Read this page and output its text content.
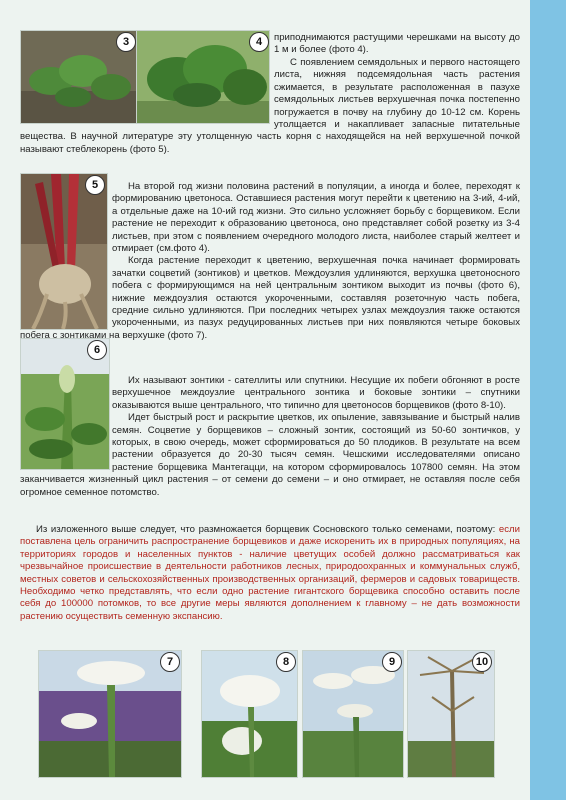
3	4
5
6

приподнимаются растущими черешками на высоту до 1 м и более (фото 4).

С появлением семядольных и первого настоящего листа, нижняя подсемядольная часть растения сжимается, в результате расположенная в пазухе семядольных листьев верхушечная почка постепенно погружается в почву на глубину до 10-12 см. Корень утолщается и накапливает запасные питательные вещества. В научной литературе эту утолщенную часть корня с находящейся на ней верхушечной почкой называют стеблекорень (фото 5).
На второй год жизни половина растений в популяции, а иногда и более, переходят к формированию цветоноса. Оставшиеся растения могут перейти к цветению на 3-ий, 4-ий, а отдельные даже на 10-ий год жизни. Это сильно усложняет борьбу с борщевиком. Если растение не переходит к образованию цветоноса, оно представляет собой розетку из 3-4 листьев, при этом с появлением очередного молодого листа, наиболее старый желтеет и отмирает (см.фото 4).
Когда растение переходит к цветению, верхушечная почка начинает формировать зачатки соцветий (зонтиков) и цветков. Междоузлия удлиняются, верхушка цветоносного побега с формирующимся на ней центральным зонтиком выходит из почвы (фото 6), нижние междоузлия остаются укороченными, составляя розеточную часть побега, средние сильно удлиняются. При последних четырех узлах междоузлия также остаются укороченными, из пазух редуцированных листьев при них появляются четыре боковых побега с зонтиками на верхушке (фото 7).
Их называют зонтики - сателлиты или спутники. Несущие их побеги обгоняют в росте верхушечное междоузлие центрального зонтика и боковые зонтики – спутники оказываются выше центрального, что типично для цветоносов борщевиков (фото 8-10).
Идет быстрый рост и раскрытие цветков, их опыление, завязывание и быстрый налив семян. Соцветие у борщевиков – сложный зонтик, состоящий из 50-60 зонтичков, у которых, в свою очередь, может сформироваться до 50 плодиков. В результате на всем растении образуется до 20-30 тысяч семян. Чешскими исследователями описано растение борщевика Мантегацци, на котором сформировалось 107800 семян. На этом заканчивается жизненный цикл растения – от семени до семени – и оно отмирает, не оставляя после себя огромное семенное потомство.
Из изложенного выше следует, что размножается борщевик Сосновского только семенами, поэтому: если поставлена цель ограничить распространение борщевиков и даже искоренить их в природных популяциях, на территориях городов и населенных пунктов - наличие цветущих особей должно рассматриваться как чрезвычайное происшествие в деятельности работников лесных, природоохранных и коммунальных служб, местных советов и сельскохозяйственных производственных организаций, фермеров и садовых товариществ. Необходимо четко представлять, что если одно растение гигантского борщевика способно оставить после себя до 100000 потомков, то все другие меры являются дополнением к главному – не дать возможности растению осуществить семенную экспансию.
7	8	9	10
